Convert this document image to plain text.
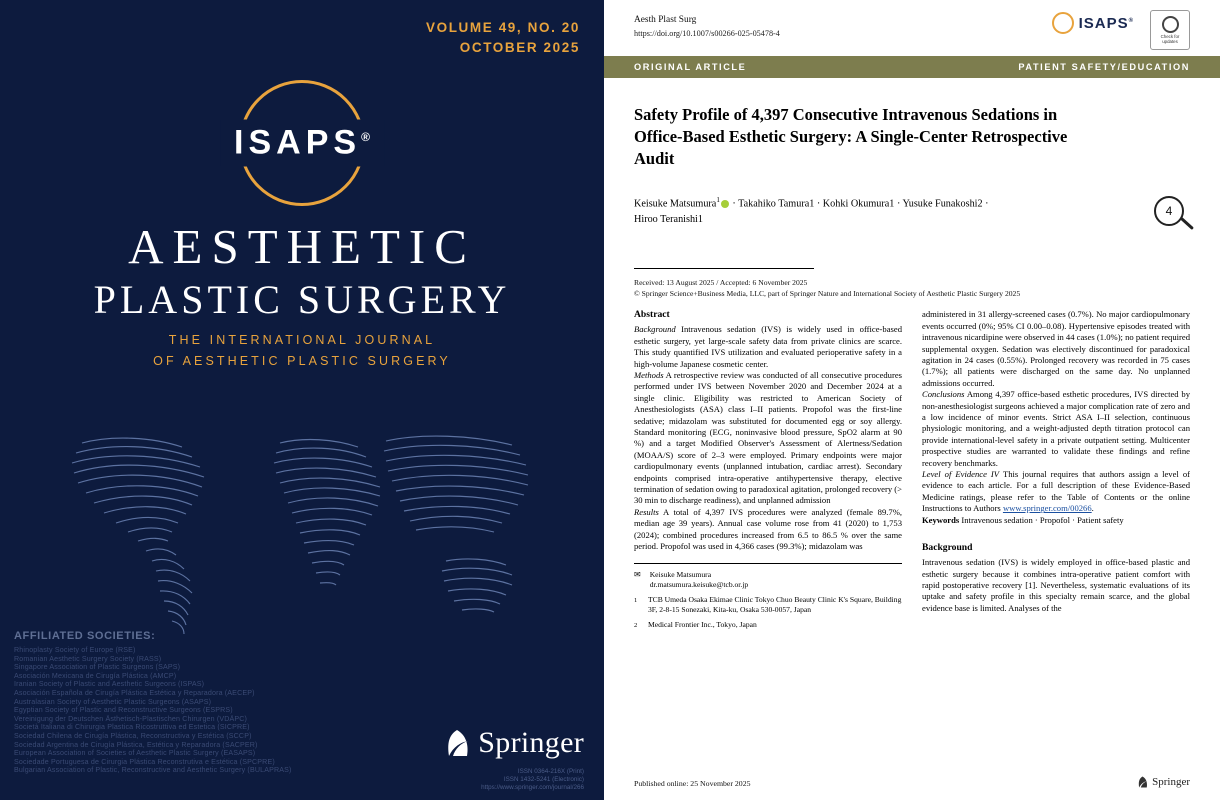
VOLUME 49, NO. 20
OCTOBER 2025
ISAPS®
AESTHETIC
PLASTIC SURGERY
THE INTERNATIONAL JOURNAL
OF AESTHETIC PLASTIC SURGERY
AFFILIATED SOCIETIES:
Rhinoplasty Society of Europe (RSE)
Romanian Aesthetic Surgery Society (RASS)
Singapore Association of Plastic Surgeons (SAPS)
Asociación Mexicana de Cirugía Plástica (AMCP)
Iranian Society of Plastic and Aesthetic Surgeons (ISPAS)
Asociación Española de Cirugía Plástica Estética y Reparadora (AECEP)
Australasian Society of Aesthetic Plastic Surgeons (ASAPS)
Egyptian Society of Plastic and Reconstructive Surgeons (ESPRS)
Vereinigung der Deutschen Ästhetisch-Plastischen Chirurgen (VDÄPC)
Società Italiana di Chirurgia Plastica Ricostruttiva ed Estetica (SICPRE)
Sociedad Chilena de Cirugía Plástica, Reconstructiva y Estética (SCCP)
Sociedad Argentina de Cirugía Plástica, Estética y Reparadora (SACPER)
European Association of Societies of Aesthetic Plastic Surgery (EASAPS)
Sociedade Portuguesa de Cirurgia Plástica Reconstrutiva e Estética (SPCPRE)
Bulgarian Association of Plastic, Reconstructive and Aesthetic Surgery (BULAPRAS)
Springer
ISSN 0364-216X (Print)
ISSN 1432-5241 (Electronic)
https://www.springer.com/journal/266
Aesth Plast Surg
https://doi.org/10.1007/s00266-025-05478-4
ISAPS®
Check for
updates
ORIGINAL ARTICLE	PATIENT SAFETY/EDUCATION
Safety Profile of 4,397 Consecutive Intravenous Sedations in Office-Based Esthetic Surgery: A Single-Center Retrospective Audit
Keisuke Matsumura$^1$ · Takahiko Tamura1 · Kohki Okumura1 · Yusuke Funakoshi2 ·
Hiroo Teranishi1
4
Received: 13 August 2025 / Accepted: 6 November 2025
© Springer Science+Business Media, LLC, part of Springer Nature and International Society of Aesthetic Plastic Surgery 2025
Abstract

Background Intravenous sedation (IVS) is widely used in office-based esthetic surgery, yet large-scale safety data from private clinics are scarce. This study quantified IVS utilization and evaluated perioperative safety in a high-volume Japanese cosmetic center.

Methods A retrospective review was conducted of all consecutive procedures performed under IVS between November 2020 and December 2024 at a single clinic. Eligibility was restricted to American Society of Anesthesiologists (ASA) class I–II patients. Propofol was the first-line sedative; midazolam was substituted for documented egg or soy allergy. Standard monitoring (ECG, noninvasive blood pressure, SpO2 alarm at 90 %) and a target Modified Observer's Assessment of Alertness/Sedation (MOAA/S) score of 2–3 were employed. Primary endpoints were major cardiopulmonary events (unplanned intubation, cardiac arrest). Secondary endpoints comprised intra-operative antihypertensive therapy, elective termination of sedation owing to paradoxical agitation, prolonged recovery (> 30 min to discharge readiness), and unplanned admission

Results A total of 4,397 IVS procedures were analyzed (female 89.7%, median age 39 years). Annual case volume rose from 41 (2020) to 1,753 (2024); combined procedures increased from 6.5 to 86.5 % over the same period. Propofol was used in 4,366 cases (99.3%); midazolam was

✉ Keisuke Matsumura
dr.matsumura.keisuke@tcb.or.jp
1	TCB Umeda Osaka Ekimae Clinic Tokyo Chuo Beauty Clinic K's Square, Building 3F, 2-8-15 Sonezaki, Kita-ku, Osaka 530-0057, Japan
2	Medical Frontier Inc., Tokyo, Japan

administered in 31 allergy-screened cases (0.7%). No major cardiopulmonary events occurred (0%; 95% CI 0.00–0.08). Hypertensive episodes treated with intravenous nicardipine were observed in 44 cases (1.0%); no patient required supplemental oxygen. Sedation was electively discontinued for paradoxical agitation in 24 cases (0.55%). Prolonged recovery was recorded in 75 cases (1.7%); all patients were discharged on the same day. No unplanned admissions occurred.

Conclusions Among 4,397 office-based esthetic procedures, IVS directed by non-anesthesiologist surgeons achieved a major complication rate of zero and a low incidence of minor events. Strict ASA I–II selection, continuous physiologic monitoring, and a weight-adjusted depth titration protocol can provide international-level safety in a private outpatient setting. Multicenter prospective studies are warranted to validate these findings and refine recovery benchmarks.

Level of Evidence IV This journal requires that authors assign a level of evidence to each article. For a full description of these Evidence-Based Medicine ratings, please refer to the Table of Contents or the online Instructions to Authors www.springer.com/00266.

Keywords Intravenous sedation · Propofol · Patient safety

Background

Intravenous sedation (IVS) is widely employed in office-based plastic and esthetic surgery because it combines intra-operative patient comfort with rapid postoperative recovery [1]. Nevertheless, systematic evaluations of its uptake and safety profile in this specialty remain scarce, and the global evidence base is limited. Analyses of the

Published online: 25 November 2025	Springer
